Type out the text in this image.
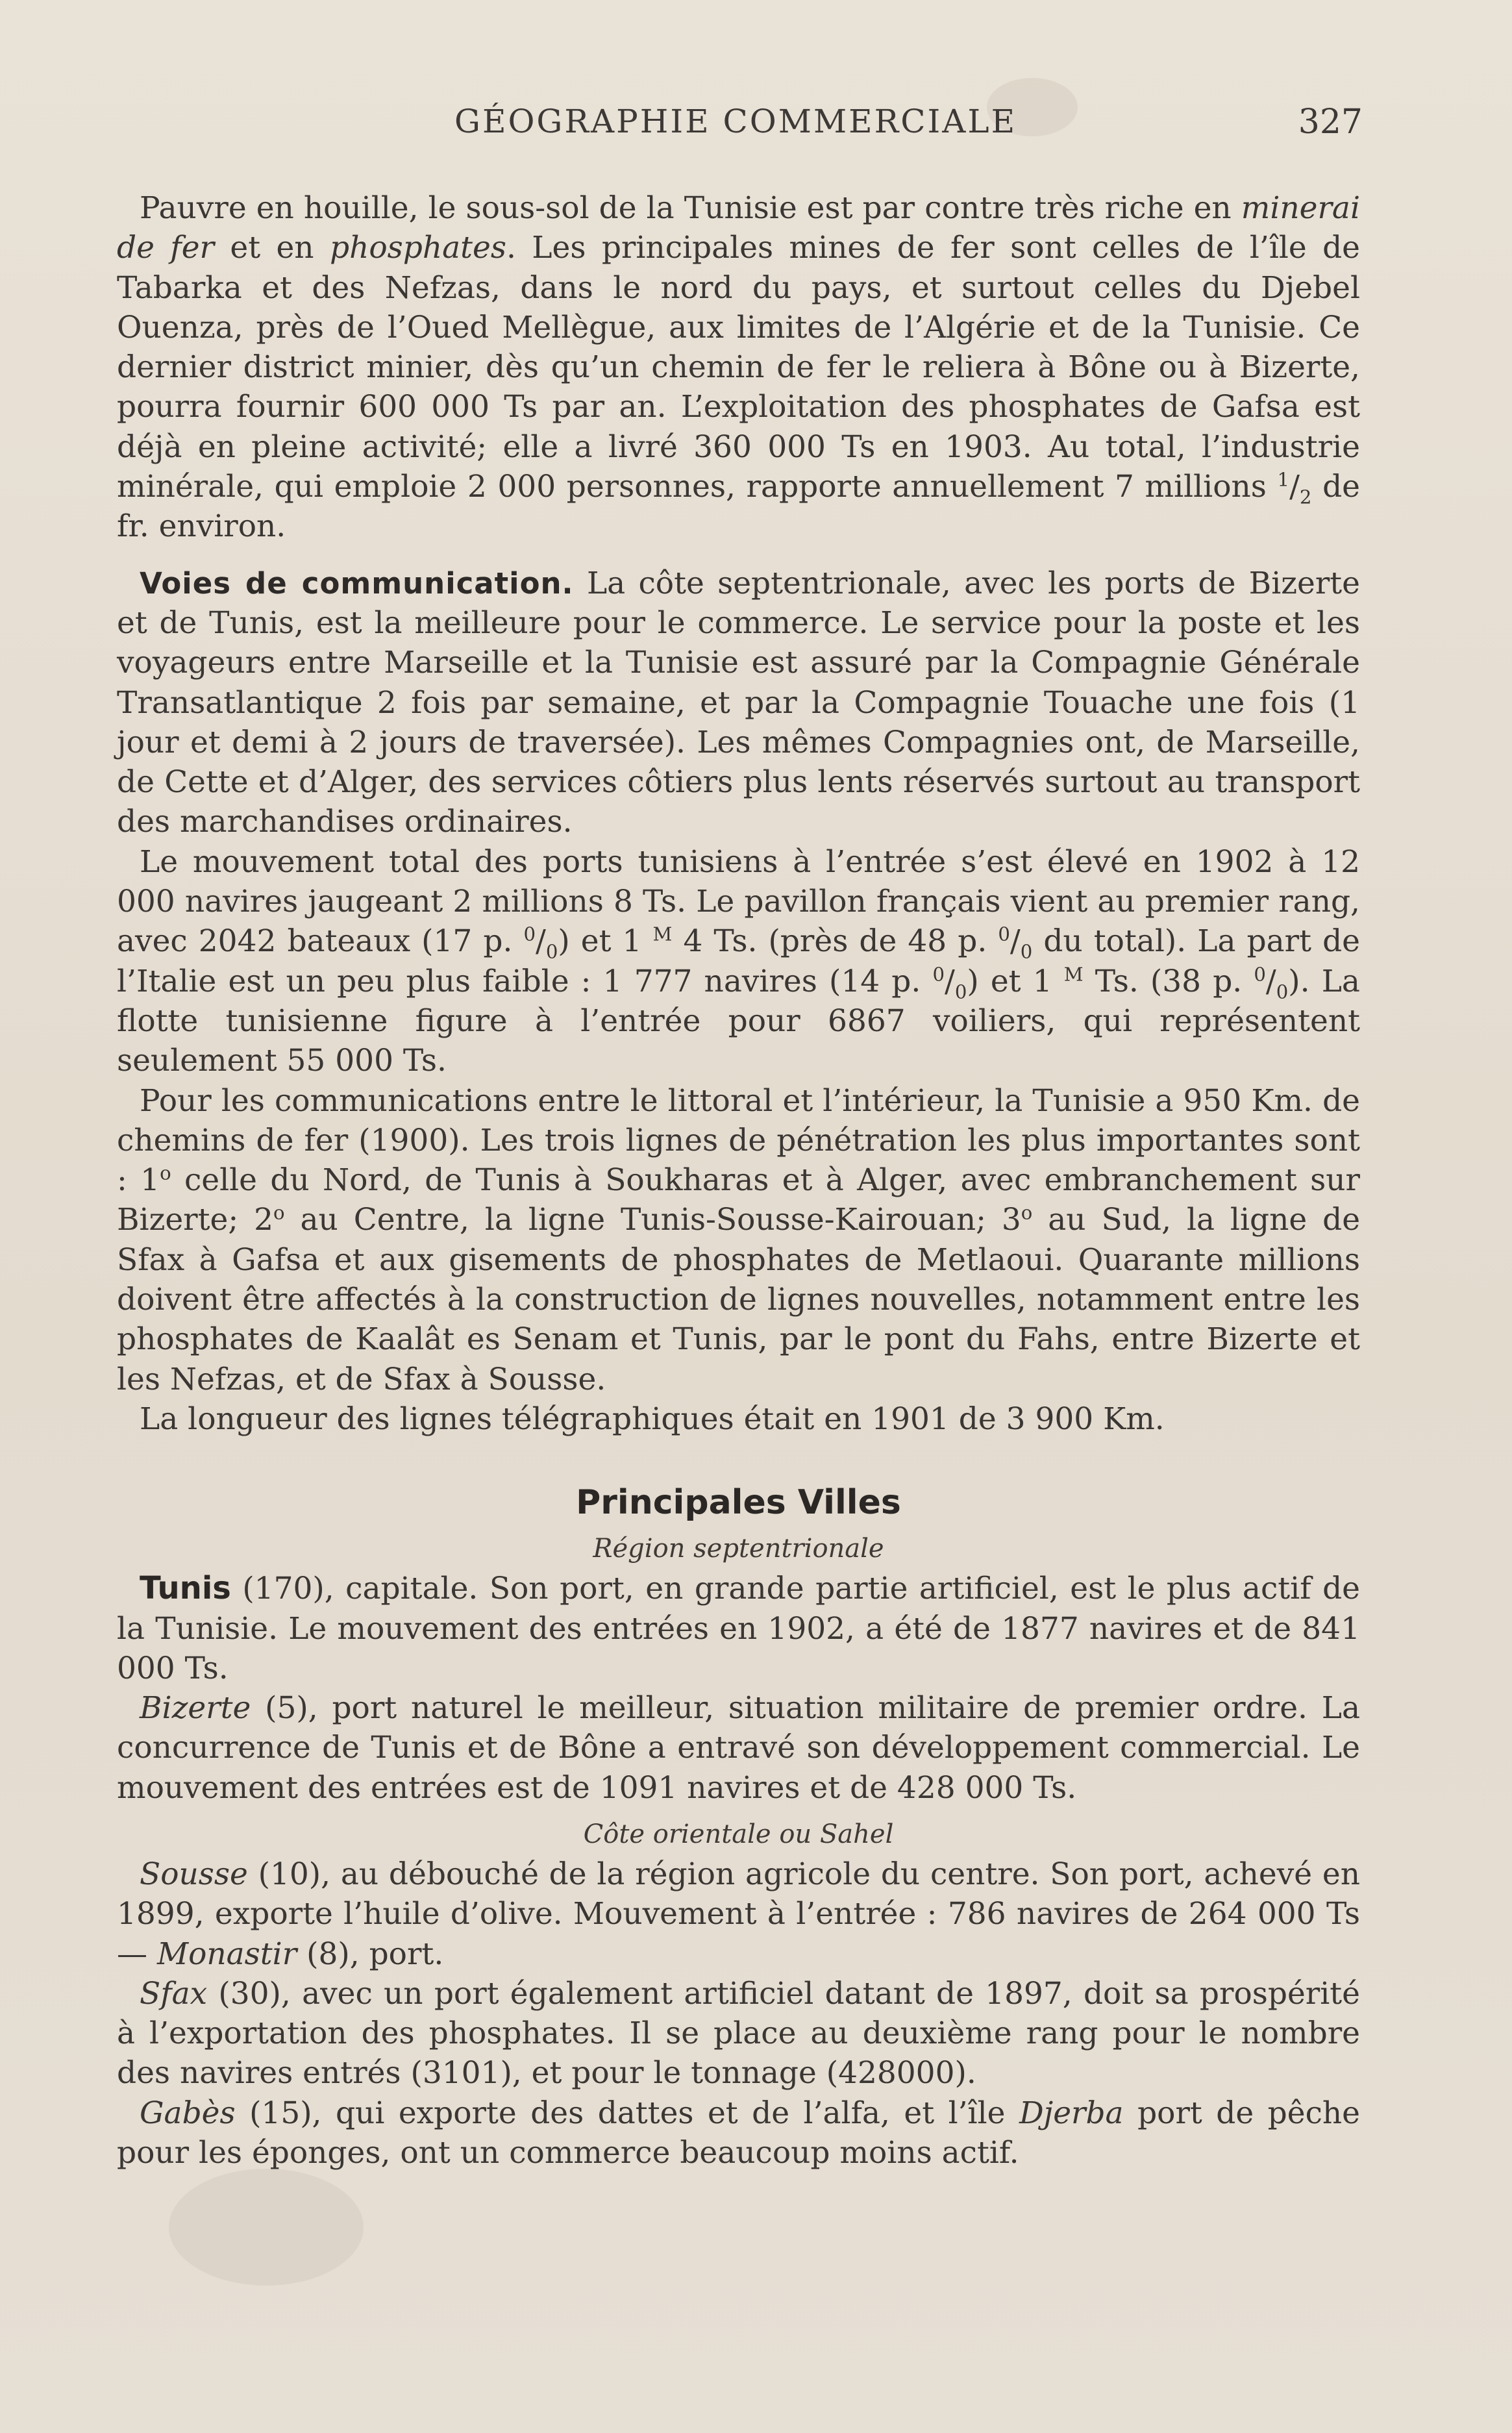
GÉOGRAPHIE COMMERCIALE	327

Pauvre en houille, le sous-sol de la Tunisie est par contre très riche en minerai de fer et en phosphates. Les principales mines de fer sont celles de l’île de Tabarka et des Nefzas, dans le nord du pays, et surtout celles du Djebel Ouenza, près de l’Oued Mellègue, aux limites de l’Algérie et de la Tunisie. Ce dernier district minier, dès qu’un chemin de fer le reliera à Bône ou à Bizerte, pourra fournir 600 000 Ts par an. L’exploitation des phosphates de Gafsa est déjà en pleine activité; elle a livré 360 000 Ts en 1903. Au total, l’industrie minérale, qui emploie 2 000 personnes, rapporte annuellement 7 millions $^1/_2$ de fr. environ.

Voies de communication. La côte septentrionale, avec les ports de Bizerte et de Tunis, est la meilleure pour le commerce. Le service pour la poste et les voyageurs entre Marseille et la Tunisie est assuré par la Compagnie Générale Transatlantique 2 fois par semaine, et par la Compagnie Touache une fois (1 jour et demi à 2 jours de traversée). Les mêmes Compagnies ont, de Marseille, de Cette et d’Alger, des services côtiers plus lents réservés surtout au transport des marchandises ordinaires.

Le mouvement total des ports tunisiens à l’entrée s’est élevé en 1902 à 12 000 navires jaugeant 2 millions 8 Ts. Le pavillon français vient au premier rang, avec 2042 bateaux (17 p. $^0/_0$) et 1 $^M$ 4 Ts. (près de 48 p. $^0/_0$ du total). La part de l’Italie est un peu plus faible : 1 777 navires (14 p. $^0/_0$) et 1 $^M$ Ts. (38 p. $^0/_0$). La flotte tunisienne figure à l’entrée pour 6867 voiliers, qui représentent seulement 55 000 Ts.

Pour les communications entre le littoral et l’intérieur, la Tunisie a 950 Km. de chemins de fer (1900). Les trois lignes de pénétration les plus importantes sont : 1$^o$ celle du Nord, de Tunis à Soukharas et à Alger, avec embranchement sur Bizerte; 2$^o$ au Centre, la ligne Tunis-Sousse-Kairouan; 3$^o$ au Sud, la ligne de Sfax à Gafsa et aux gisements de phosphates de Metlaoui. Quarante millions doivent être affectés à la construction de lignes nouvelles, notamment entre les phosphates de Kaalât es Senam et Tunis, par le pont du Fahs, entre Bizerte et les Nefzas, et de Sfax à Sousse.

La longueur des lignes télégraphiques était en 1901 de 3 900 Km.

Principales Villes
Région septentrionale

Tunis (170), capitale. Son port, en grande partie artificiel, est le plus actif de la Tunisie. Le mouvement des entrées en 1902, a été de 1877 navires et de 841 000 Ts.

Bizerte (5), port naturel le meilleur, situation militaire de premier ordre. La concurrence de Tunis et de Bône a entravé son développement commercial. Le mouvement des entrées est de 1091 navires et de 428 000 Ts.

Côte orientale ou Sahel

Sousse (10), au débouché de la région agricole du centre. Son port, achevé en 1899, exporte l’huile d’olive. Mouvement à l’entrée : 786 navires de 264 000 Ts — Monastir (8), port.

Sfax (30), avec un port également artificiel datant de 1897, doit sa prospérité à l’exportation des phosphates. Il se place au deuxième rang pour le nombre des navires entrés (3101), et pour le tonnage (428000).

Gabès (15), qui exporte des dattes et de l’alfa, et l’île Djerba port de pêche pour les éponges, ont un commerce beaucoup moins actif.
